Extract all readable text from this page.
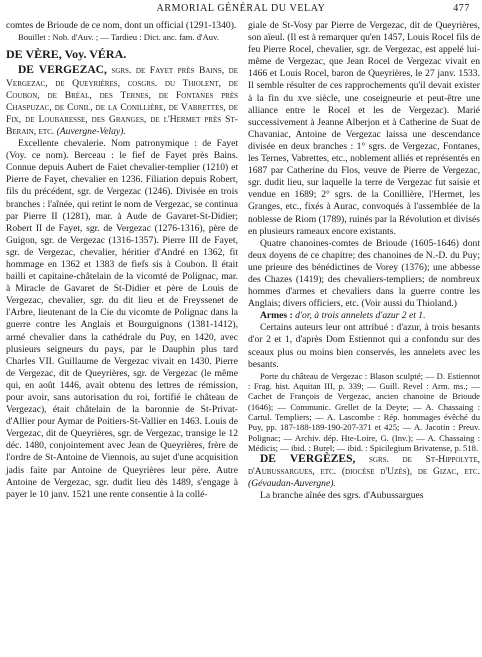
ARMORIAL GÉNÉRAL DU VELAY	477

comtes de Brioude de ce nom, dont un official (1291-1340).

Bouillet : Nob. d'Auv. ; — Tardieu : Dict. anc. fam. d'Auv.

DE VÈRE, Voy. VÉRA.

DE VERGEZAC, sgrs. de Fayet près Bains, de Vergezac, de Queyrières, cosgrs. du Thiolent, de Coubon, de Bréal, des Ternes, de Fontanes près Chaspuzac, de Conil, de la Conillière, de Vabrettes, de Fix, de Loubaresse, des Granges, de l'Hermet près St-Berain, etc. (Auvergne-Velay).

Excellente chevalerie. Nom patronymique : de Fayet (Voy. ce nom). Berceau : le fief de Fayet près Bains. Connue depuis Aubert de Faiet chevalier-templier (1210) et Pierre de Fayet, chevalier en 1236. Filiation depuis Robert, fils du précédent, sgr. de Vergezac (1246). Divisée en trois branches : l'aînée, qui retint le nom de Vergezac, se continua par Pierre II (1281), mar. à Aude de Gavaret-St-Didier; Robert II de Fayet, sgr. de Vergezac (1276-1316), père de Guigon, sgr. de Vergezac (1316-1357). Pierre III de Fayet, sgr. de Vergezac, chevalier, héritier d'André en 1362, fit hommage en 1362 et 1383 de fiefs sis à Coubon. Il était bailli et capitaine-châtelain de la vicomté de Polignac, mar. à Miracle de Gavaret de St-Didier et père de Louis de Vergezac, chevalier, sgr. du dit lieu et de Freyssenet de l'Arbre, lieutenant de la Cie du vicomte de Polignac dans la guerre contre les Anglais et Bourguignons (1381-1412), armé chevalier dans la cathédrale du Puy, en 1420, avec plusieurs seigneurs du pays, par le Dauphin plus tard Charles VII. Guillaume de Vergezac vivait en 1430. Pierre de Vergezac, dit de Queyrières, sgr. de Vergezac (le même qui, en août 1446, avait obtenu des lettres de rémission, pour avoir, sans autorisation du roi, fortifié le château de Vergezac), était châtelain de la baronnie de St-Privat-d'Allier pour Aymar de Poitiers-St-Vallier en 1463. Louis de Vergezac, dit de Queyrières, sgr. de Vergezac, transige le 12 déc. 1480, conjointement avec Jean de Queyrières, frère de l'ordre de St-Antoine de Viennois, au sujet d'une acquisition jadis faite par Antoine de Queyrières leur père. Autre Antoine de Vergezac, sgr. dudit lieu dès 1489, s'engage à payer le 10 janv. 1521 une rente consentie à la collé-

giale de St-Vosy par Pierre de Vergezac, dit de Queyrières, son aïeul. (Il est à remarquer qu'en 1457, Louis Rocel fils de feu Pierre Rocel, chevalier, sgr. de Vergezac, est appelé lui-même de Vergezac, que Jean Rocel de Vergezac vivait en 1466 et Louis Rocel, baron de Queyrières, le 27 janv. 1533. Il semble résulter de ces rapprochements qu'il devait exister à la fin du xve siècle, une coseigneurie et peut-être une alliance entre le Rocel et les de Vergezac). Marié successivement à Jeanne Alberjon et à Catherine de Suat de Chavaniac, Antoine de Vergezac laissa une descendance divisée en deux branches : 1° sgrs. de Vergezac, Fontanes, les Ternes, Vabrettes, etc., noblement alliés et représentés en 1687 par Catherine du Flos, veuve de Pierre de Vergezac, sgr. dudit lieu, sur laquelle la terre de Vergezac fut saisie et vendue en 1689; 2° sgrs. de la Conillière, l'Hermet, les Granges, etc., fixés à Aurac, convoqués à l'assemblée de la noblesse de Riom (1789), ruinés par la Révolution et divisés en plusieurs rameaux encore existants.

Quatre chanoines-comtes de Brioude (1605-1646) dont deux doyens de ce chapitre; des chanoines de N.-D. du Puy; une prieure des bénédictines de Vorey (1376); une abbesse des Chazes (1419); des chevaliers-templiers; de nombreux hommes d'armes et chevaliers dans la guerre contre les Anglais; divers officiers, etc. (Voir aussi du Thioland.)

Armes : d'or, à trois annelets d'azur 2 et 1.

Certains auteurs leur ont attribué : d'azur, à trois besants d'or 2 et 1, d'après Dom Estiennot qui a confondu sur des sceaux plus ou moins bien conservés, les annelets avec les besants.

Porte du château de Vergezac : Blason sculpté; — D. Estiennot : Frag. hist. Aquitan III, p. 339; — Guill. Revel : Arm. ms.; — Cachet de François de Vergezac, ancien chanoine de Brioude (1646); — Communic. Grellet de la Deyte; — A. Chassaing : Cartul. Templiers; — A. Lascombe : Rép. hommages évêché du Puy, pp. 187-188-189-190-207-371 et 425; — A. Jacotin : Preuv. Polignac; — Archiv. dép. Hte-Loire, G. (Inv.); — A. Chassaing : Médicis; — ibid. : Burel; — ibid. : Spicilegium Brivatense, p. 518.

DE VERGÈZES, sgrs. de St-Hippolyte, d'Aubussargues, etc. (diocèse d'Uzès), de Gizac, etc. (Gévaudan-Auvergne).

La branche aînée des sgrs. d'Aubussargues
